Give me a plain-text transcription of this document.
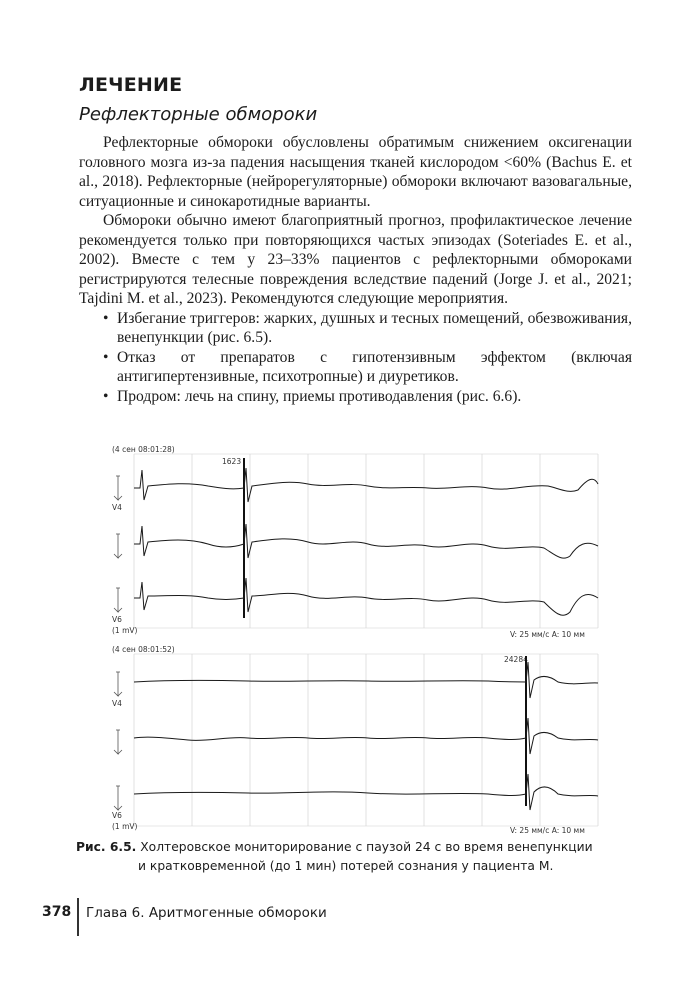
ЛЕЧЕНИЕ
Рефлекторные обмороки

Рефлекторные обмороки обусловлены обратимым снижением оксигенации головного мозга из-за падения насыщения тканей кислородом <60% (Bachus E. et al., 2018). Рефлекторные (нейрорегуляторные) обмороки включают вазовагальные, ситуационные и синокаротидные варианты.

Обмороки обычно имеют благоприятный прогноз, профилактическое лечение рекомендуется только при повторяющихся частых эпизодах (Soteriades E. et al., 2002). Вместе с тем у 23–33% пациентов с рефлекторными обмороками регистрируются телесные повреждения вследствие падений (Jorge J. et al., 2021; Tajdini M. et al., 2023). Рекомендуются следующие мероприятия.

• Избегание триггеров: жарких, душных и тесных помещений, обезвоживания, венепункции (рис. 6.5).
• Отказ от препаратов с гипотензивным эффектом (включая антигипертензивные, психотропные) и диуретиков.
• Продром: лечь на спину, приемы противодавления (рис. 6.6).
(4 сен 08:01:28)
1623
V4
V6
(1 mV)	V: 25 мм/с A: 10 мм
(4 сен 08:01:52)
24284
V4
V6
(1 mV)	V: 25 мм/с A: 10 мм
Рис. 6.5. Холтеровское мониторирование с паузой 24 с во время венепункции
и кратковременной (до 1 мин) потерей сознания у пациента М.
378 Глава 6. Аритмогенные обмороки
